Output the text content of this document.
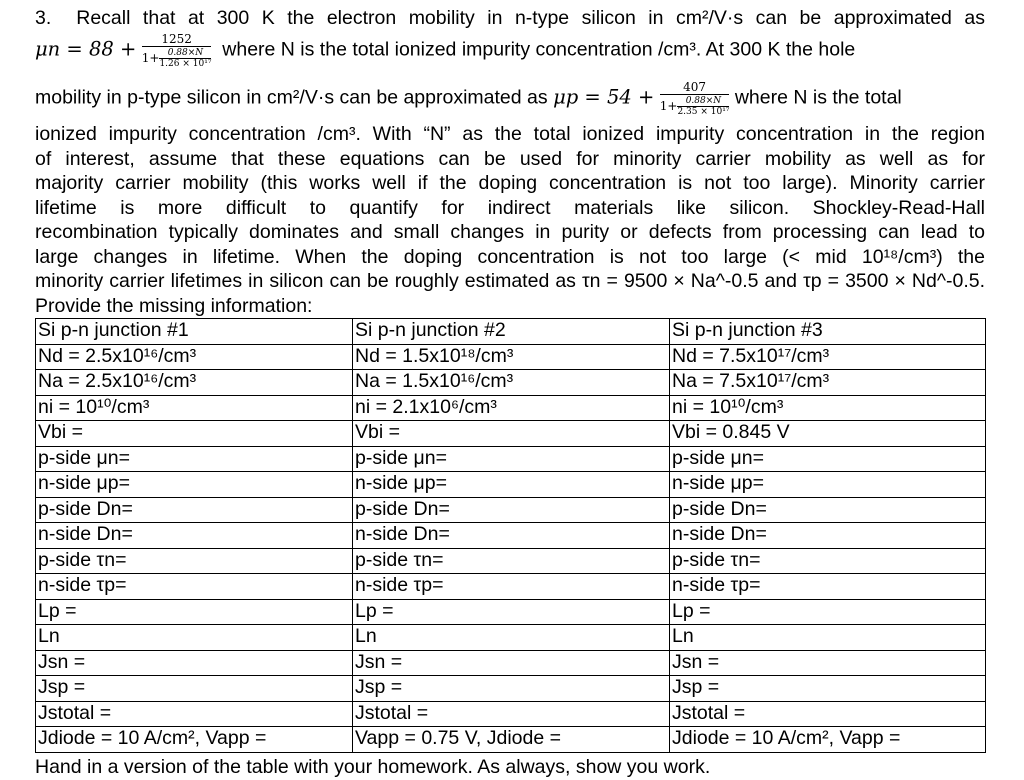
3. Recall that at 300 K the electron mobility in n-type silicon in cm²/V·s can be approximated as
$\mu n = 88 + \frac{1252}{1+ \frac{0.88\times N}{\text{1.26 × 10¹⁷}}}$ where N is the total ionized impurity concentration /cm³. At 300 K the hole
mobility in p-type silicon in cm²/V·s can be approximated as $\mu p = 54 + \frac{407}{1+ \frac{0.88\times N}{\text{2.35 × 10¹⁷}}}$ where N is the total
ionized impurity concentration /cm³. With “N” as the total ionized impurity concentration in the region
of interest, assume that these equations can be used for minority carrier mobility as well as for
majority carrier mobility (this works well if the doping concentration is not too large). Minority carrier
lifetime is more difficult to quantify for indirect materials like silicon. Shockley-Read-Hall
recombination typically dominates and small changes in purity or defects from processing can lead to
large changes in lifetime. When the doping concentration is not too large (< mid 10¹⁸/cm³) the
minority carrier lifetimes in silicon can be roughly estimated as τn = 9500 × Na^-0.5 and τp = 3500 × Nd^-0.5.
Provide the missing information:
Si p-n junction #1	Si p-n junction #2	Si p-n junction #3
Nd = 2.5x10¹⁶/cm³	Nd = 1.5x10¹⁸/cm³	Nd = 7.5x10¹⁷/cm³
Na = 2.5x10¹⁶/cm³	Na = 1.5x10¹⁶/cm³	Na = 7.5x10¹⁷/cm³
ni = 10¹⁰/cm³	ni = 2.1x10⁶/cm³	ni = 10¹⁰/cm³
Vbi =	Vbi =	Vbi = 0.845 V
p-side μn=	p-side μn=	p-side μn=
n-side μp=	n-side μp=	n-side μp=
p-side Dn=	p-side Dn=	p-side Dn=
n-side Dn=	n-side Dn=	n-side Dn=
p-side τn=	p-side τn=	p-side τn=
n-side τp=	n-side τp=	n-side τp=
Lp =	Lp =	Lp =
Ln	Ln	Ln
Jsn =	Jsn =	Jsn =
Jsp =	Jsp =	Jsp =
Jstotal =	Jstotal =	Jstotal =
Jdiode = 10 A/cm², Vapp =	Vapp = 0.75 V, Jdiode =	Jdiode = 10 A/cm², Vapp =
Hand in a version of the table with your homework. As always, show you work.
